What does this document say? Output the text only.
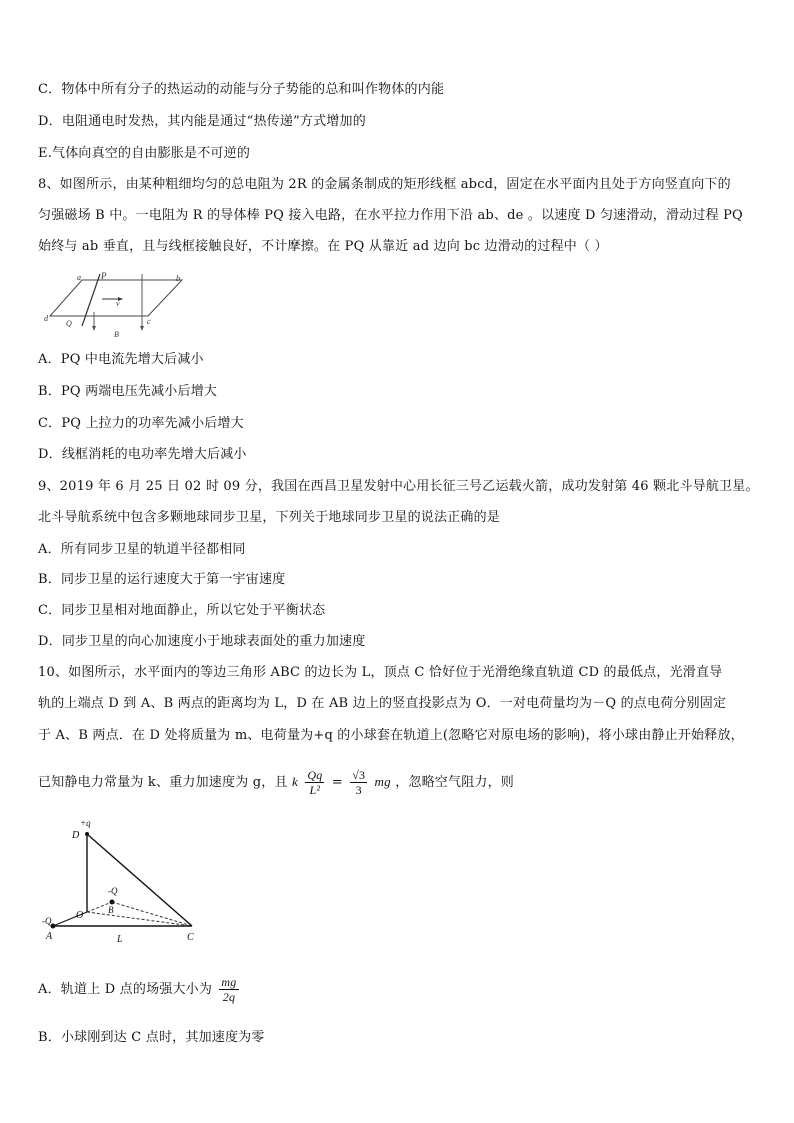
C．物体中所有分子的热运动的动能与分子势能的总和叫作物体的内能
D．电阻通电时发热，其内能是通过“热传递”方式增加的
E.气体向真空的自由膨胀是不可逆的
8、如图所示，由某种粗细均匀的总电阻为 2R 的金属条制成的矩形线框 abcd，固定在水平面内且处于方向竖直向下的
匀强磁场 B 中。一电阻为 R 的导体棒 PQ 接入电路，在水平拉力作用下沿 ab、de 。以速度 D 匀速滑动，滑动过程 PQ
始终与 ab 垂直，且与线框接触良好，不计摩擦。在 PQ 从靠近 ad 边向 bc 边滑动的过程中（ ）
a P	b
v
d
Q	c
B
A．PQ 中电流先增大后减小
B．PQ 两端电压先减小后增大
C．PQ 上拉力的功率先减小后增大
D．线框消耗的电功率先增大后减小
9、2019 年 6 月 25 日 02 时 09 分，我国在西昌卫星发射中心用长征三号乙运载火箭，成功发射第 46 颗北斗导航卫星。
北斗导航系统中包含多颗地球同步卫星，下列关于地球同步卫星的说法正确的是
A．所有同步卫星的轨道半径都相同
B．同步卫星的运行速度大于第一宇宙速度
C．同步卫星相对地面静止，所以它处于平衡状态
D．同步卫星的向心加速度小于地球表面处的重力加速度
10、如图所示，水平面内的等边三角形 ABC 的边长为 L，顶点 C 恰好位于光滑绝缘直轨道 CD 的最低点，光滑直导
轨的上端点 D 到 A、B 两点的距离均为 L，D 在 AB 边上的竖直投影点为 O．一对电荷量均为－Q 的点电荷分别固定
于 A、B 两点．在 D 处将质量为 m、电荷量为+q 的小球套在轨道上(忽略它对原电场的影响)，将小球由静止开始释放，
已知静电力常量为 k、重力加速度为 g，且 k $\frac{Qq}{\text{L²}} = \frac{√3}{3}$ mg ，忽略空气阻力，则
+q
D
-Q
B
O
-Q
A	L	C
A．轨道上 D 点的场强大小为 $\frac{mg}{2q}$
B．小球刚到达 C 点时，其加速度为零
